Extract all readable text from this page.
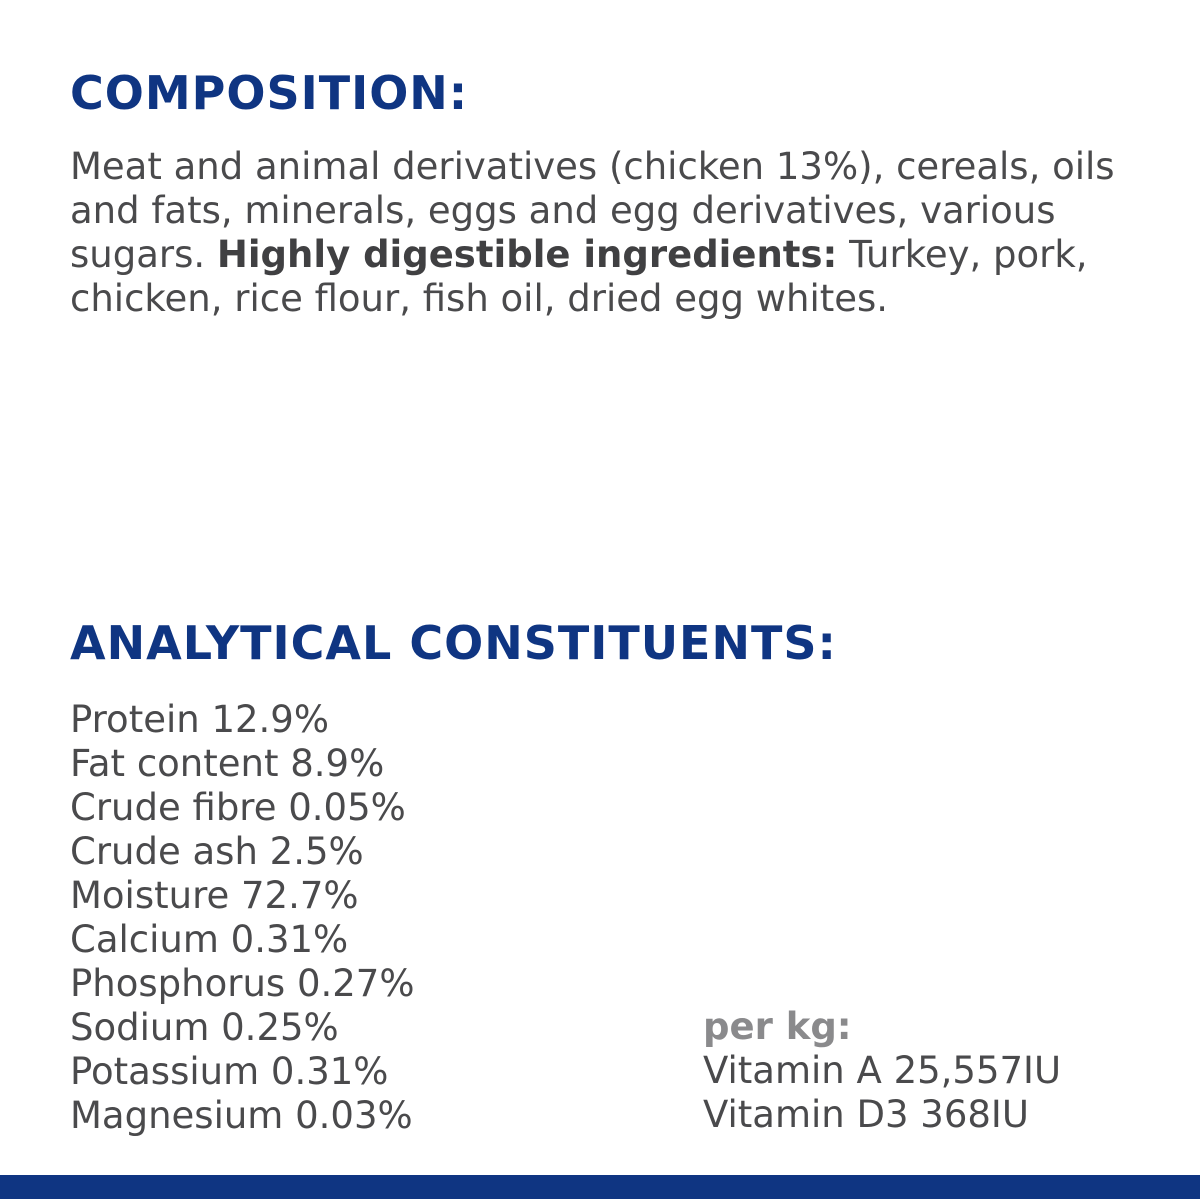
COMPOSITION:

Meat and animal derivatives (chicken 13%), cereals, oils and fats, minerals, eggs and egg derivatives, various sugars. Highly digestible ingredients: Turkey, pork, chicken, rice flour, fish oil, dried egg whites.

ANALYTICAL CONSTITUENTS:
Protein 12.9%
Fat content 8.9%
Crude fibre 0.05%
Crude ash 2.5%
Moisture 72.7%
Calcium 0.31%
Phosphorus 0.27%
Sodium 0.25%
Potassium 0.31%
Magnesium 0.03%
per kg:
Vitamin A 25,557IU
Vitamin D3 368IU
